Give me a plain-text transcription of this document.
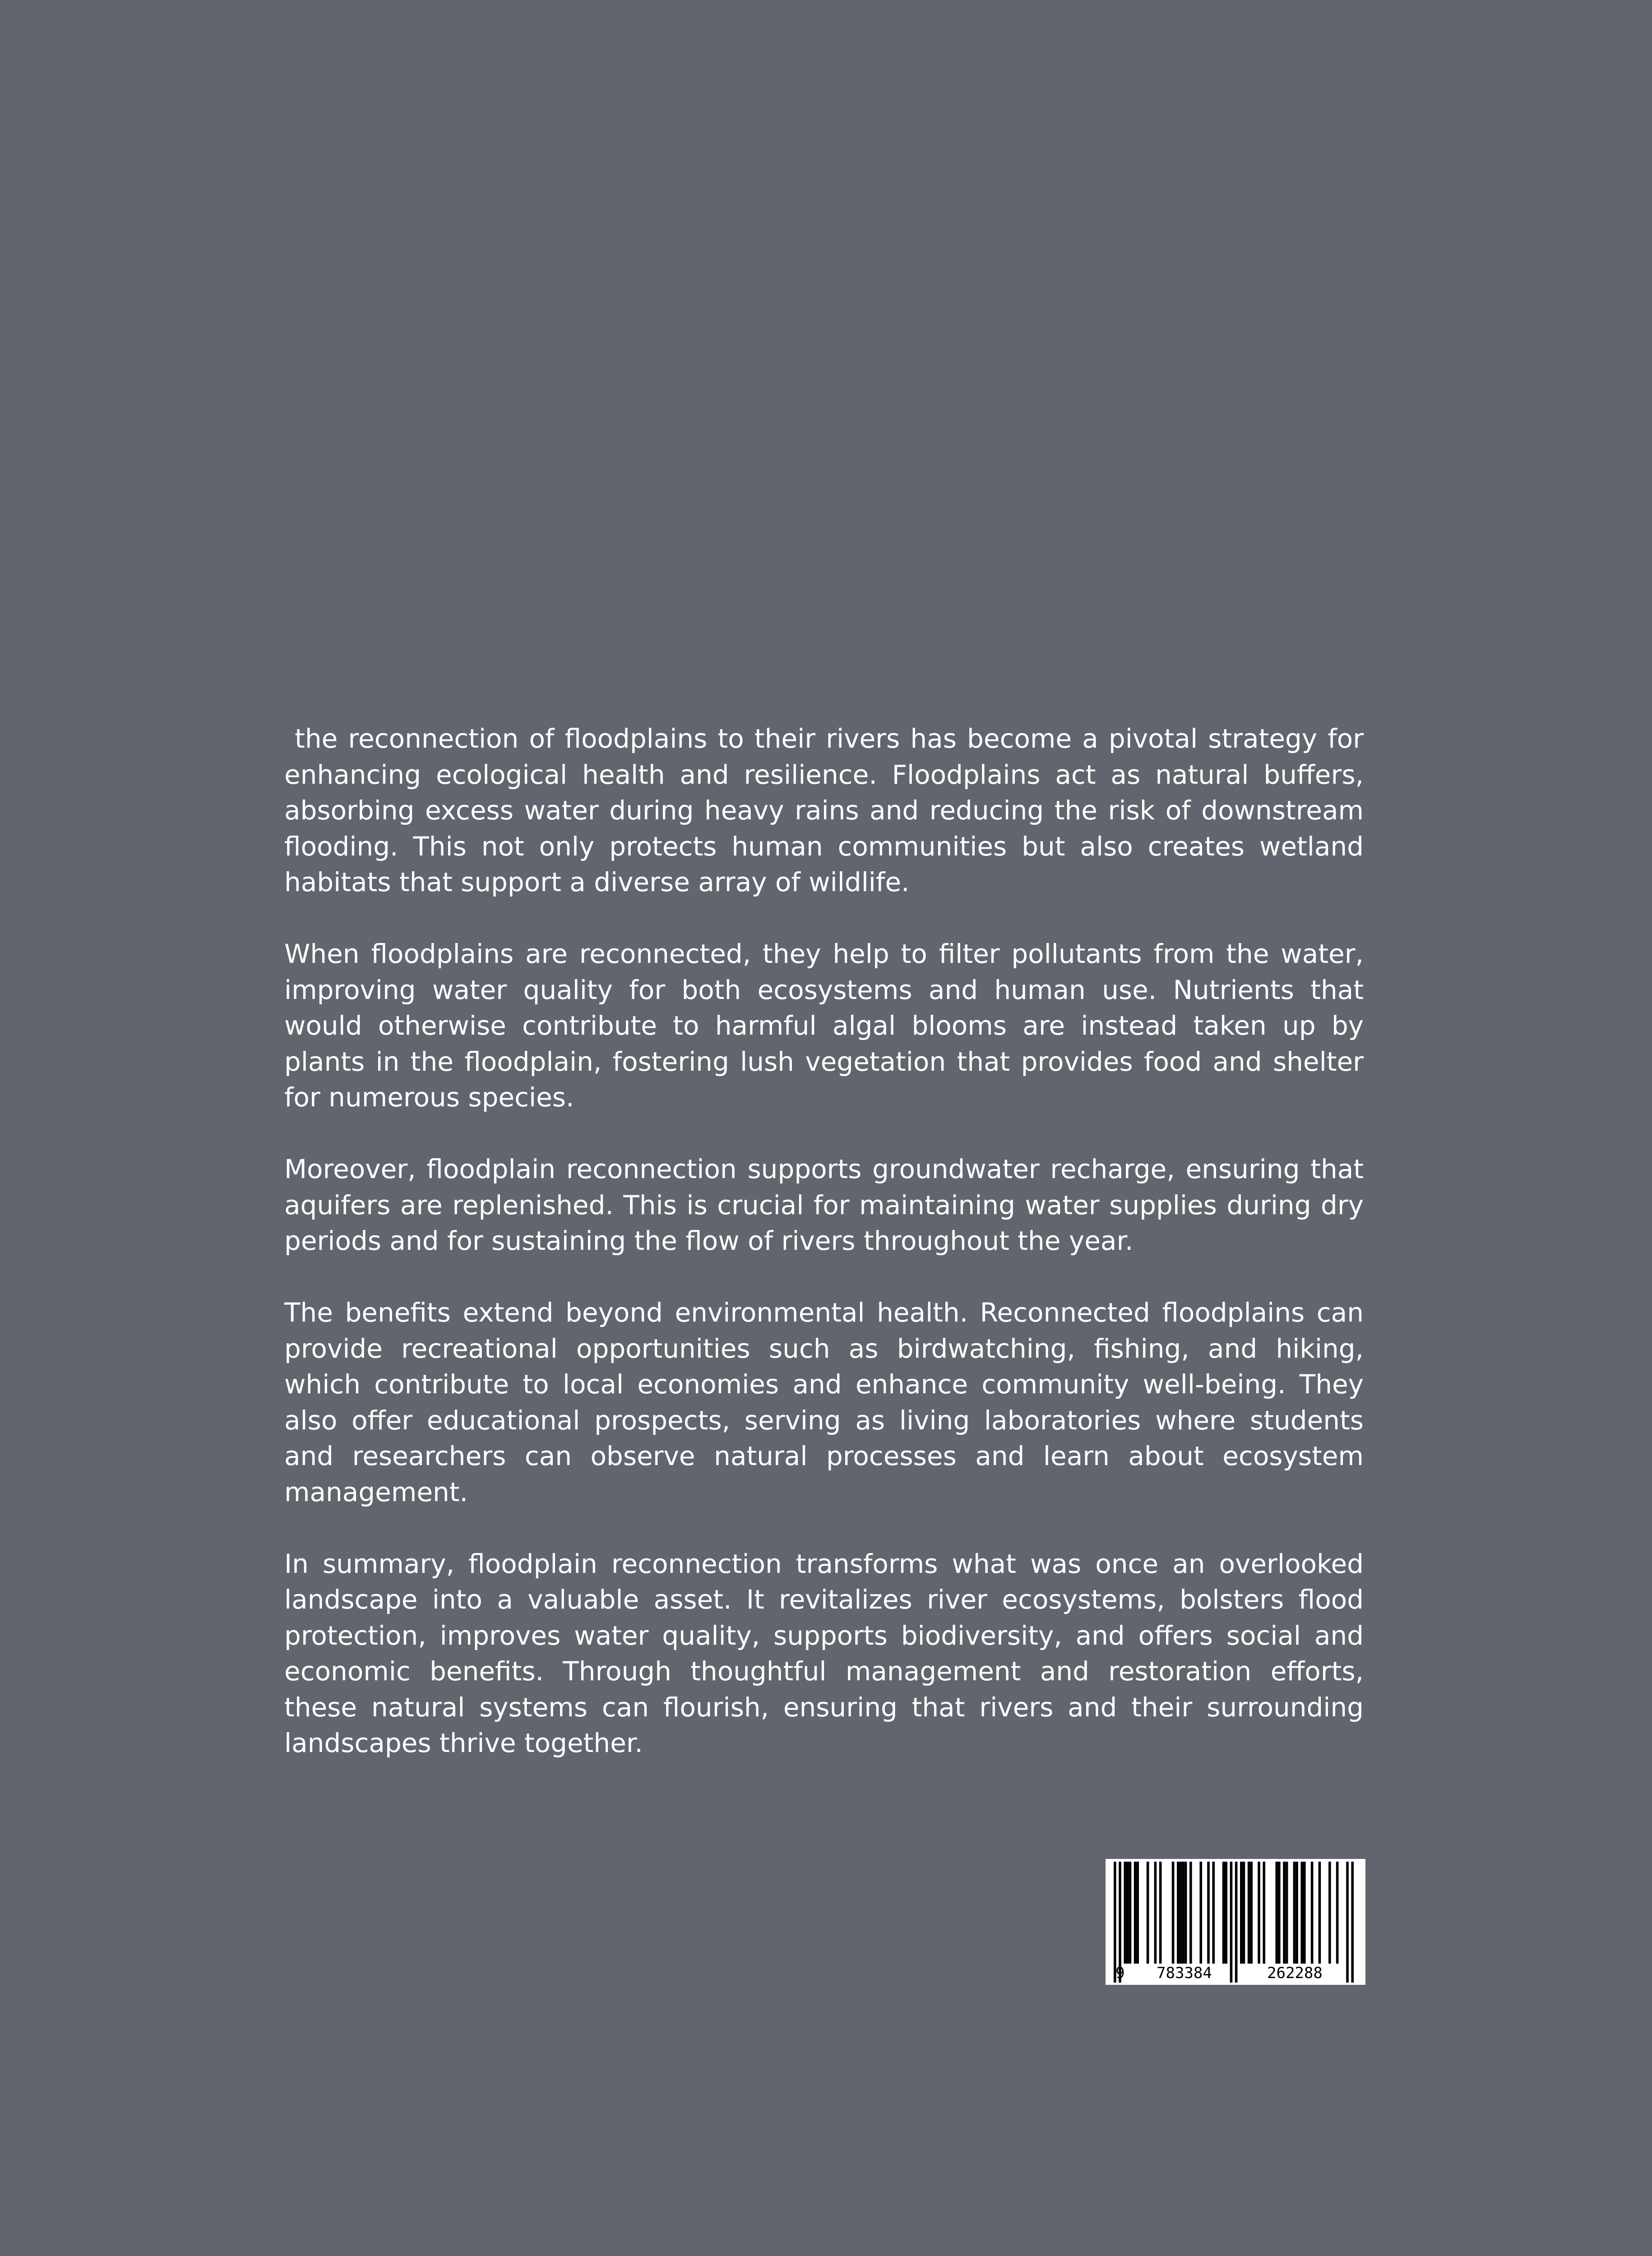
the reconnection of floodplains to their rivers has become a pivotal strategy for enhancing ecological health and resilience. Floodplains act as natural buffers, absorbing excess water during heavy rains and reducing the risk of downstream flooding. This not only protects human communities but also creates wetland habitats that support a diverse array of wildlife.

When floodplains are reconnected, they help to filter pollutants from the water, improving water quality for both ecosystems and human use. Nutrients that would otherwise contribute to harmful algal blooms are instead taken up by plants in the floodplain, fostering lush vegetation that provides food and shelter for numerous species.

Moreover, floodplain reconnection supports groundwater recharge, ensuring that aquifers are replenished. This is crucial for maintaining water supplies during dry periods and for sustaining the flow of rivers throughout the year.

The benefits extend beyond environmental health. Reconnected floodplains can provide recreational opportunities such as birdwatching, fishing, and hiking, which contribute to local economies and enhance community well-being. They also offer educational prospects, serving as living laboratories where students and researchers can observe natural processes and learn about ecosystem management.

In summary, floodplain reconnection transforms what was once an overlooked landscape into a valuable asset. It revitalizes river ecosystems, bolsters flood protection, improves water quality, supports biodiversity, and offers social and economic benefits. Through thoughtful management and restoration efforts, these natural systems can flourish, ensuring that rivers and their surrounding landscapes thrive together.

9 783384	262288
